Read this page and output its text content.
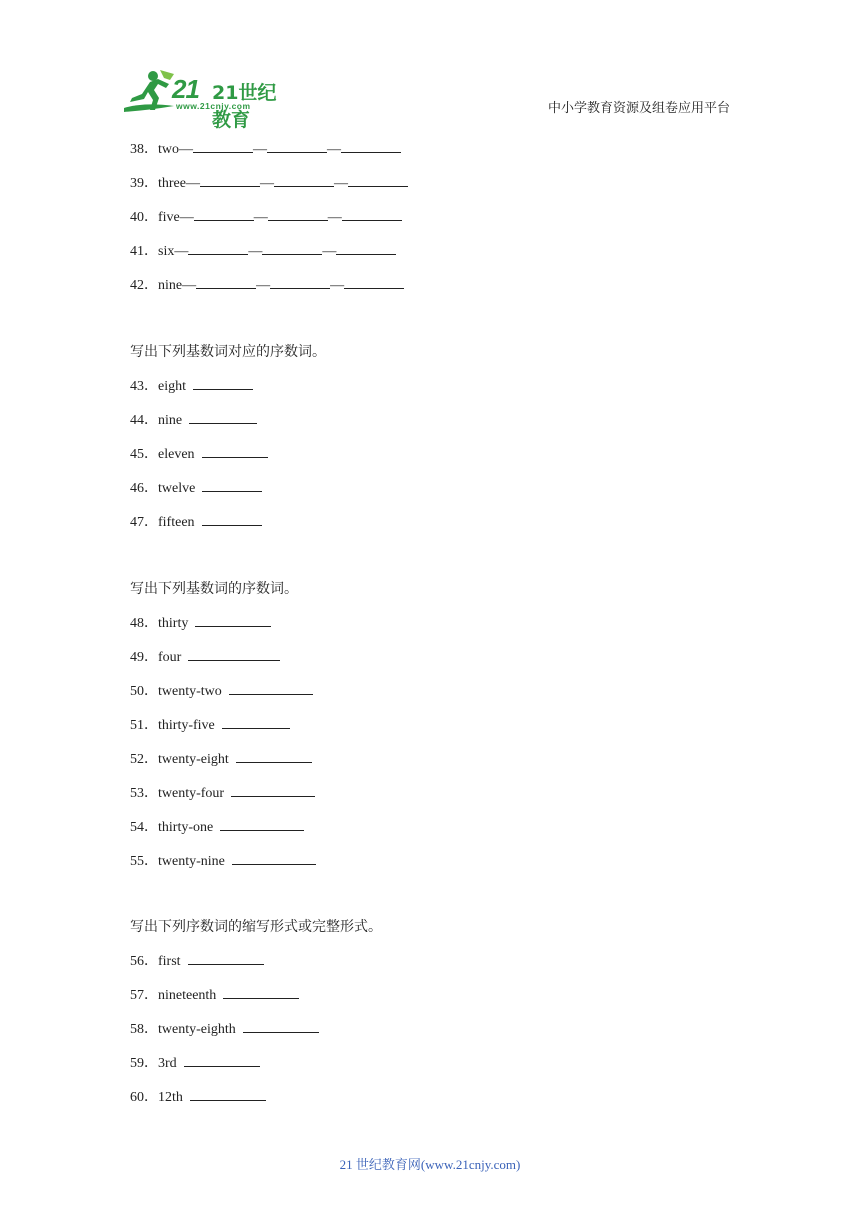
21 21世纪教育
www.21cnjy.com	中小学教育资源及组卷应用平台
38．two—	—	—
39．three—	—	—
40．five—	—	—
41．six—	—	—
42．nine—	—	—
写出下列基数词对应的序数词。
43．eight
44．nine
45．eleven
46．twelve
47．fifteen
写出下列基数词的序数词。
48．thirty
49．four
50．twenty-two
51．thirty-five
52．twenty-eight
53．twenty-four
54．thirty-one
55．twenty-nine
写出下列序数词的缩写形式或完整形式。
56．first
57．nineteenth
58．twenty-eighth
59．3rd
60．12th
21 世纪教育网(www.21cnjy.com)
